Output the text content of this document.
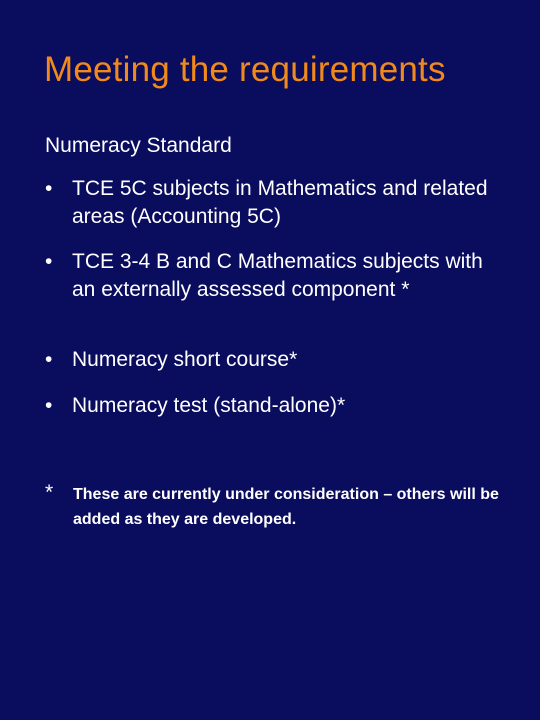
Meeting the requirements
Numeracy Standard
• TCE 5C subjects in Mathematics and related areas (Accounting 5C)
• TCE 3-4 B and C Mathematics subjects with an externally assessed component *
• Numeracy short course*
• Numeracy test (stand-alone)*
* These are currently under consideration – others will be added as they are developed.
